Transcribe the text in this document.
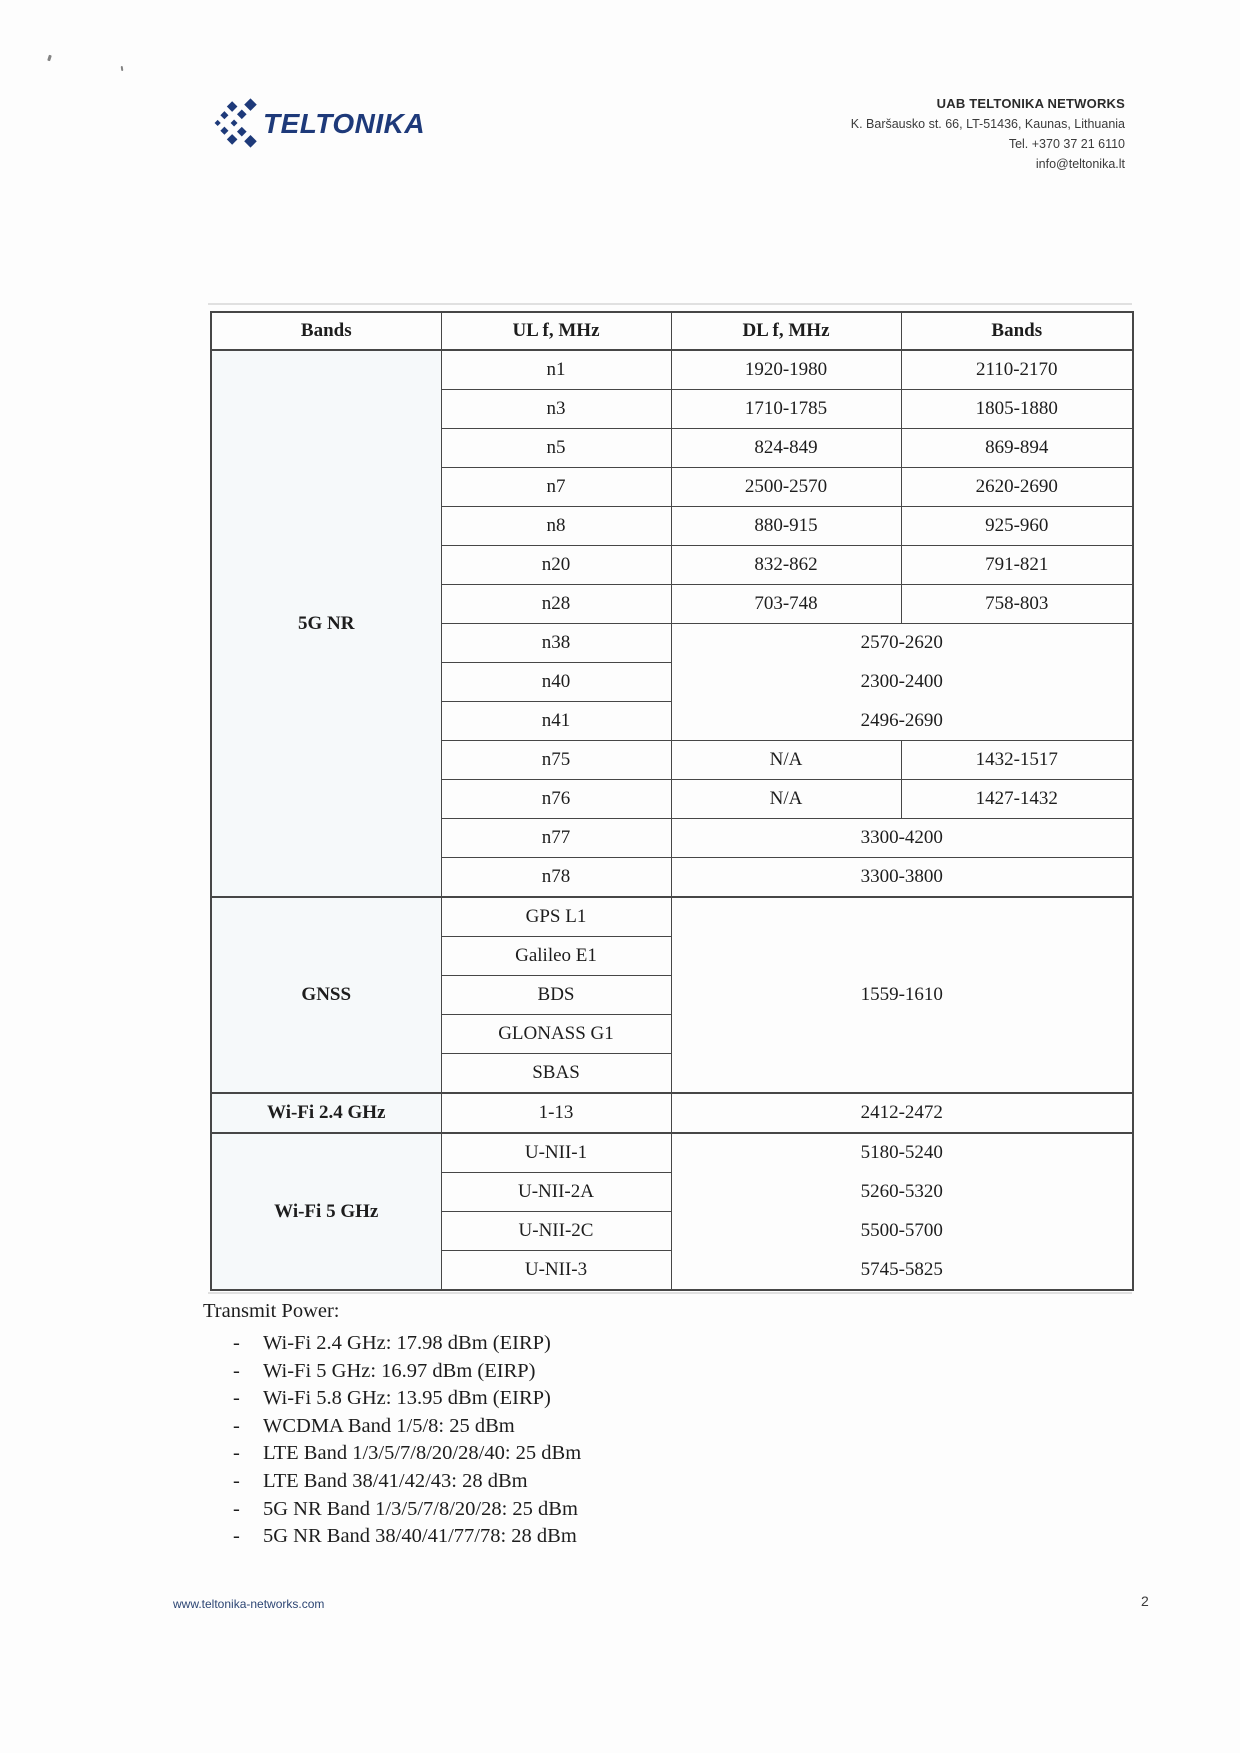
TELTONIKA
UAB TELTONIKA NETWORKS
K. Baršausko st. 66, LT-51436, Kaunas, Lithuania
Tel. +370 37 21 6110
info@teltonika.lt
Bands	UL f, MHz	DL f, MHz	Bands
5G NR	n1	1920-1980	2110-2170
	n3	1710-1785	1805-1880
	n5	824-849	869-894
	n7	2500-2570	2620-2690
	n8	880-915	925-960
	n20	832-862	791-821
	n28	703-748	758-803
	n38	2570-2620	
	n40	2300-2400	
	n41	2496-2690	
	n75	N/A	1432-1517
	n76	N/A	1427-1432
	n77	3300-4200	
	n78	3300-3800	
GNSS	GPS L1	1559-1610	
	Galileo E1		
	BDS		
	GLONASS G1		
	SBAS		
Wi-Fi 2.4 GHz	1-13	2412-2472	
Wi-Fi 5 GHz	U-NII-1	5180-5240	
	U-NII-2A	5260-5320	
	U-NII-2C	5500-5700	
	U-NII-3	5745-5825	
Transmit Power:
-	Wi-Fi 2.4 GHz: 17.98 dBm (EIRP)
-	Wi-Fi 5 GHz: 16.97 dBm (EIRP)
-	Wi-Fi 5.8 GHz: 13.95 dBm (EIRP)
-	WCDMA Band 1/5/8: 25 dBm
-	LTE Band 1/3/5/7/8/20/28/40: 25 dBm
-	LTE Band 38/41/42/43: 28 dBm
-	5G NR Band 1/3/5/7/8/20/28: 25 dBm
-	5G NR Band 38/40/41/77/78: 28 dBm
www.teltonika-networks.com	2
